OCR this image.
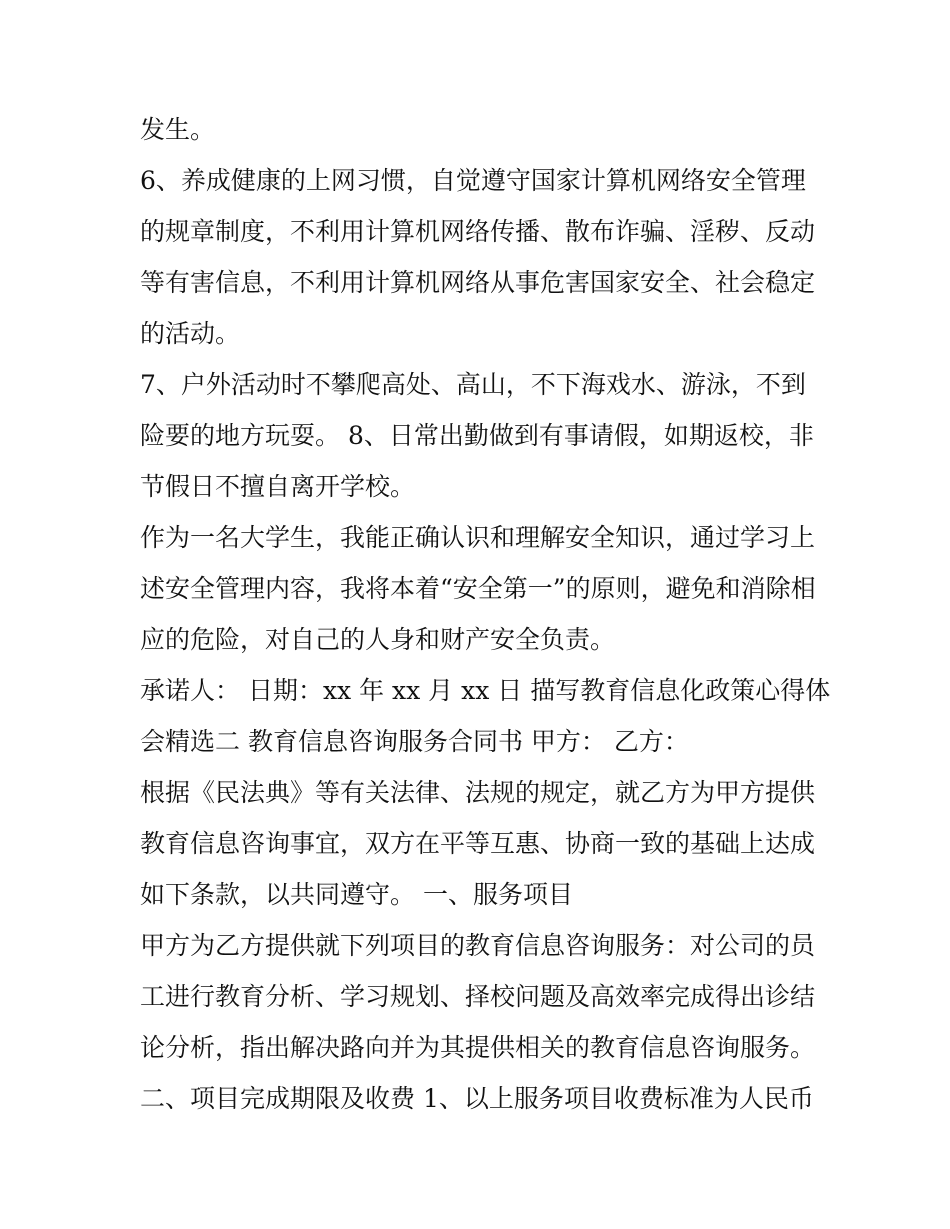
发生。
6、养成健康的上网习惯，自觉遵守国家计算机网络安全管理
的规章制度，不利用计算机网络传播、散布诈骗、淫秽、反动
等有害信息，不利用计算机网络从事危害国家安全、社会稳定
的活动。
7、户外活动时不攀爬高处、高山，不下海戏水、游泳，不到
险要的地方玩耍。 8、日常出勤做到有事请假，如期返校，非
节假日不擅自离开学校。
作为一名大学生，我能正确认识和理解安全知识，通过学习上
述安全管理内容，我将本着“安全第一”的原则，避免和消除相
应的危险，对自己的人身和财产安全负责。
承诺人： 日期：xx 年 xx 月 xx 日 描写教育信息化政策心得体
会精选二 教育信息咨询服务合同书 甲方： 乙方：
根据《民法典》等有关法律、法规的规定，就乙方为甲方提供
教育信息咨询事宜，双方在平等互惠、协商一致的基础上达成
如下条款，以共同遵守。 一、服务项目
甲方为乙方提供就下列项目的教育信息咨询服务：对公司的员
工进行教育分析、学习规划、择校问题及高效率完成得出诊结
论分析，指出解决路向并为其提供相关的教育信息咨询服务。
二、项目完成期限及收费 1、以上服务项目收费标准为人民币
